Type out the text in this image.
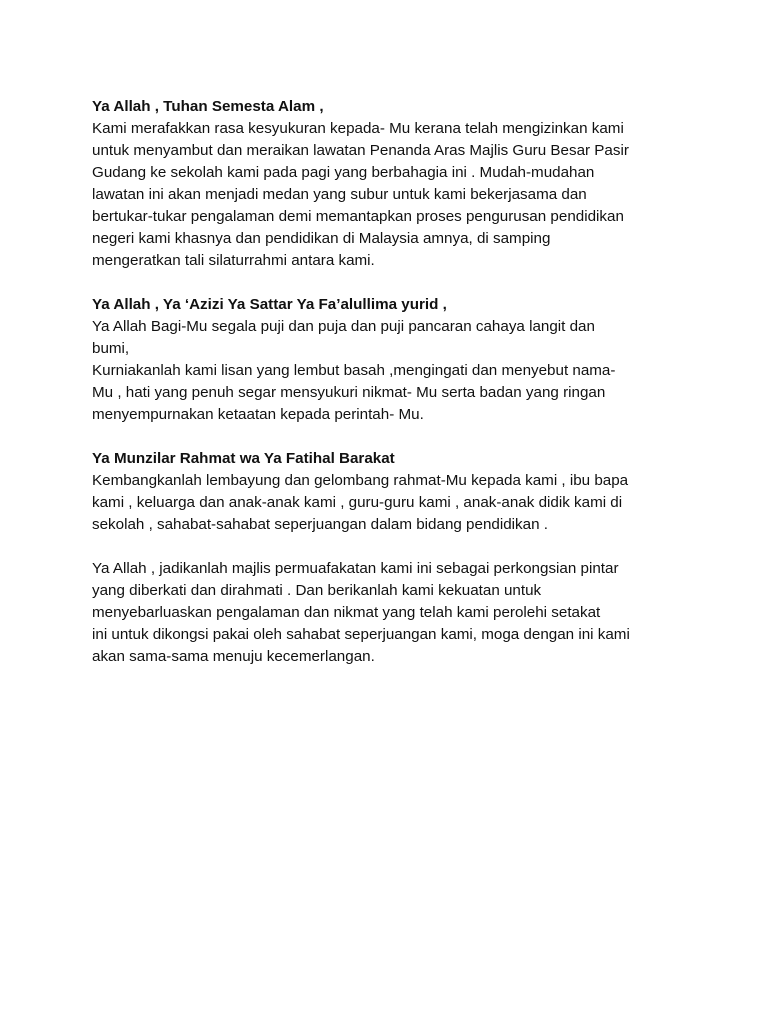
Ya Allah , Tuhan Semesta Alam ,
Kami merafakkan rasa kesyukuran kepada- Mu kerana telah mengizinkan kami
untuk menyambut dan meraikan lawatan Penanda Aras Majlis Guru Besar Pasir
Gudang ke sekolah kami pada pagi yang berbahagia ini . Mudah-mudahan
lawatan ini akan menjadi medan yang subur untuk kami bekerjasama dan
bertukar-tukar pengalaman demi memantapkan proses pengurusan pendidikan
negeri kami khasnya dan pendidikan di Malaysia amnya, di samping
mengeratkan tali silaturrahmi antara kami.
Ya Allah , Ya ‘Azizi Ya Sattar Ya Fa’alullima yurid ,
Ya Allah Bagi-Mu segala puji dan puja dan puji pancaran cahaya langit dan
bumi,
Kurniakanlah kami lisan yang lembut basah ,mengingati dan menyebut nama-
Mu , hati yang penuh segar mensyukuri nikmat- Mu serta badan yang ringan
menyempurnakan ketaatan kepada perintah- Mu.
Ya Munzilar Rahmat wa Ya Fatihal Barakat
Kembangkanlah lembayung dan gelombang rahmat-Mu kepada kami , ibu bapa
kami , keluarga dan anak-anak kami , guru-guru kami , anak-anak didik kami di
sekolah , sahabat-sahabat seperjuangan dalam bidang pendidikan .
Ya Allah , jadikanlah majlis permuafakatan kami ini sebagai perkongsian pintar
yang diberkati dan dirahmati . Dan berikanlah kami kekuatan untuk
menyebarluaskan pengalaman dan nikmat yang telah kami perolehi setakat
ini untuk dikongsi pakai oleh sahabat seperjuangan kami, moga dengan ini kami
akan sama-sama menuju kecemerlangan.
